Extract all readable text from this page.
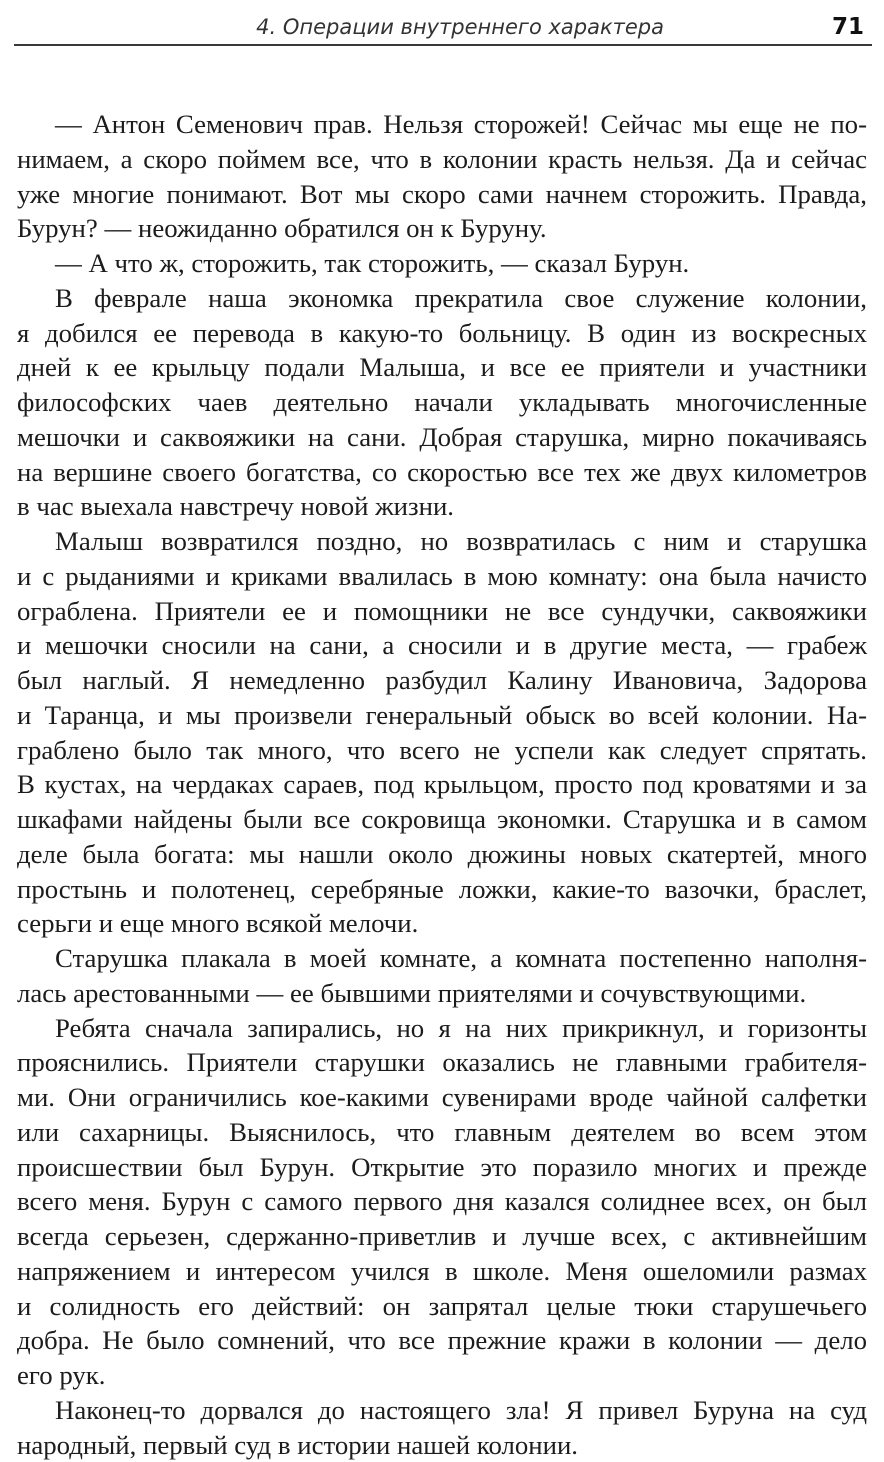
4. Операции внутреннего характера	71
— Антон Семенович прав. Нельзя сторожей! Сейчас мы еще не по-
нимаем, а скоро поймем все, что в колонии красть нельзя. Да и сейчас
уже многие понимают. Вот мы скоро сами начнем сторожить. Правда,
Бурун? — неожиданно обратился он к Буруну.
— А что ж, сторожить, так сторожить, — сказал Бурун.
В феврале наша экономка прекратила свое служение колонии,
я добился ее перевода в какую-то больницу. В один из воскресных
дней к ее крыльцу подали Малыша, и все ее приятели и участники
философских чаев деятельно начали укладывать многочисленные
мешочки и саквояжики на сани. Добрая старушка, мирно покачиваясь
на вершине своего богатства, со скоростью все тех же двух километров
в час выехала навстречу новой жизни.
Малыш возвратился поздно, но возвратилась с ним и старушка
и с рыданиями и криками ввалилась в мою комнату: она была начисто
ограблена. Приятели ее и помощники не все сундучки, саквояжики
и мешочки сносили на сани, а сносили и в другие места, — грабеж
был наглый. Я немедленно разбудил Калину Ивановича, Задорова
и Таранца, и мы произвели генеральный обыск во всей колонии. На-
граблено было так много, что всего не успели как следует спрятать.
В кустах, на чердаках сараев, под крыльцом, просто под кроватями и за
шкафами найдены были все сокровища экономки. Старушка и в самом
деле была богата: мы нашли около дюжины новых скатертей, много
простынь и полотенец, серебряные ложки, какие-то вазочки, браслет,
серьги и еще много всякой мелочи.
Старушка плакала в моей комнате, а комната постепенно наполня-
лась арестованными — ее бывшими приятелями и сочувствующими.
Ребята сначала запирались, но я на них прикрикнул, и горизонты
прояснились. Приятели старушки оказались не главными грабителя-
ми. Они ограничились кое-какими сувенирами вроде чайной салфетки
или сахарницы. Выяснилось, что главным деятелем во всем этом
происшествии был Бурун. Открытие это поразило многих и прежде
всего меня. Бурун с самого первого дня казался солиднее всех, он был
всегда серьезен, сдержанно-приветлив и лучше всех, с активнейшим
напряжением и интересом учился в школе. Меня ошеломили размах
и солидность его действий: он запрятал целые тюки старушечьего
добра. Не было сомнений, что все прежние кражи в колонии — дело
его рук.
Наконец-то дорвался до настоящего зла! Я привел Буруна на суд
народный, первый суд в истории нашей колонии.
